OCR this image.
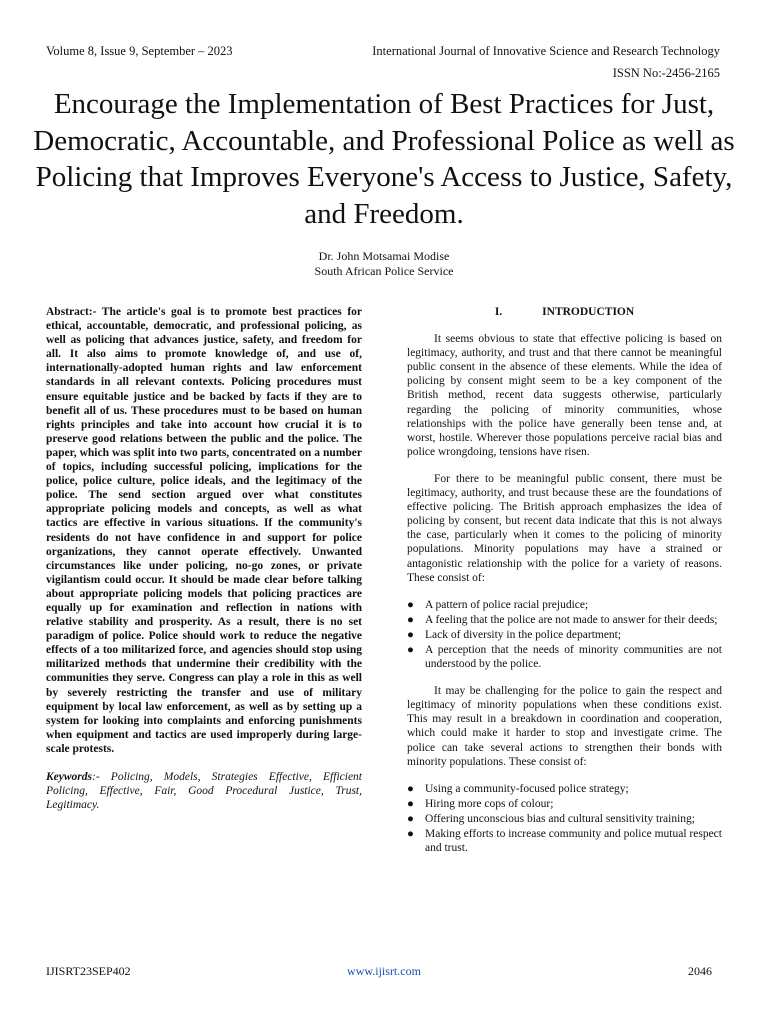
Volume 8, Issue 9, September – 2023	International Journal of Innovative Science and Research Technology
ISSN No:-2456-2165
Encourage the Implementation of Best Practices for Just, Democratic, Accountable, and Professional Police as well as Policing that Improves Everyone's Access to Justice, Safety, and Freedom.
Dr. John Motsamai Modise
South African Police Service

Abstract:- The article's goal is to promote best practices for ethical, accountable, democratic, and professional policing, as well as policing that advances justice, safety, and freedom for all. It also aims to promote knowledge of, and use of, internationally-adopted human rights and law enforcement standards in all relevant contexts. Policing procedures must ensure equitable justice and be backed by facts if they are to benefit all of us. These procedures must to be based on human rights principles and take into account how crucial it is to preserve good relations between the public and the police. The paper, which was split into two parts, concentrated on a number of topics, including successful policing, implications for the police, police culture, police ideals, and the legitimacy of the police. The send section argued over what constitutes appropriate policing models and concepts, as well as what tactics are effective in various situations. If the community's residents do not have confidence in and support for police organizations, they cannot operate effectively. Unwanted circumstances like under policing, no-go zones, or private vigilantism could occur. It should be made clear before talking about appropriate policing models that policing practices are equally up for examination and reflection in nations with relative stability and prosperity. As a result, there is no set paradigm of police. Police should work to reduce the negative effects of a too militarized force, and agencies should stop using militarized methods that undermine their credibility with the communities they serve. Congress can play a role in this as well by severely restricting the transfer and use of military equipment by local law enforcement, as well as by setting up a system for looking into complaints and enforcing punishments when equipment and tactics are used improperly during large-scale protests.

Keywords:- Policing, Models, Strategies Effective, Efficient Policing, Effective, Fair, Good Procedural Justice, Trust, Legitimacy.

I.	INTRODUCTION

It seems obvious to state that effective policing is based on legitimacy, authority, and trust and that there cannot be meaningful public consent in the absence of these elements. While the idea of policing by consent might seem to be a key component of the British method, recent data suggests otherwise, particularly regarding the policing of minority communities, whose relationships with the police have generally been tense and, at worst, hostile. Wherever those populations perceive racial bias and police wrongdoing, tensions have risen.

For there to be meaningful public consent, there must be legitimacy, authority, and trust because these are the foundations of effective policing. The British approach emphasizes the idea of policing by consent, but recent data indicate that this is not always the case, particularly when it comes to the policing of minority populations. Minority populations may have a strained or antagonistic relationship with the police for a variety of reasons. These consist of:

● A pattern of police racial prejudice;
● A feeling that the police are not made to answer for their deeds;
● Lack of diversity in the police department;
● A perception that the needs of minority communities are not understood by the police.

It may be challenging for the police to gain the respect and legitimacy of minority populations when these conditions exist. This may result in a breakdown in coordination and cooperation, which could make it harder to stop and investigate crime. The police can take several actions to strengthen their bonds with minority populations. These consist of:

● Using a community-focused police strategy;
● Hiring more cops of colour;
● Offering unconscious bias and cultural sensitivity training;
● Making efforts to increase community and police mutual respect and trust.
IJISRT23SEP402	www.ijisrt.com	2046
